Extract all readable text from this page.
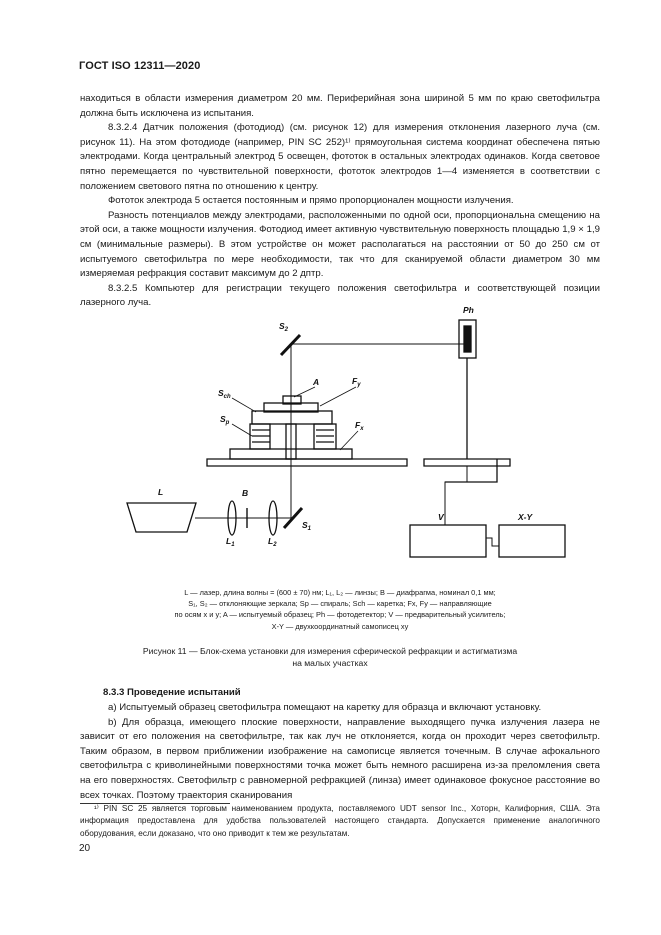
ГОСТ ISO 12311—2020

находиться в области измерения диаметром 20 мм. Периферийная зона шириной 5 мм по краю светофильтра должна быть исключена из испытания.

8.3.2.4 Датчик положения (фотодиод) (см. рисунок 12) для измерения отклонения лазерного луча (см. рисунок 11). На этом фотодиоде (например, PIN SC 252)¹⁾ прямоугольная система координат обеспечена пятью электродами. Когда центральный электрод 5 освещен, фототок в остальных электродах одинаков. Когда световое пятно перемещается по чувствительной поверхности, фототок электродов 1—4 изменяется в соответствии с положением светового пятна по отношению к центру.

Фототок электрода 5 остается постоянным и прямо пропорционален мощности излучения.

Разность потенциалов между электродами, расположенными по одной оси, пропорциональна смещению на этой оси, а также мощности излучения. Фотодиод имеет активную чувствительную поверхность площадью 1,9 × 1,9 см (минимальные размеры). В этом устройстве он может располагаться на расстоянии от 50 до 250 см от испытуемого светофильтра по мере необходимости, так что для сканируемой области диаметром 30 мм измеряемая рефракция составит максимум до 2 дптр.

8.3.2.5 Компьютер для регистрации текущего положения светофильтра и соответствующей позиции лазерного луча.

$S_2$
Ph
A	$F_y$
$F_x$
$S_{ch}$
$S_p$
L	B
$L_1$	$L_2$
$S_1$
V	X-Y

L — лазер, длина волны = (600 ± 70) нм; L₁, L₂ — линзы; B — диафрагма, номинал 0,1 мм;

S₁, S₂ — отклоняющие зеркала; Sp — спираль; Sch — каретка; Fx, Fy — направляющие

по осям x и y; A — испытуемый образец; Ph — фотодетектор; V — предварительный усилитель;

X-Y — двухкоординатный самописец xy

Рисунок 11 — Блок-схема установки для измерения сферической рефракции и астигматизма
на малых участках
8.3.3 Проведение испытаний

а) Испытуемый образец светофильтра помещают на каретку для образца и включают установку.

b) Для образца, имеющего плоские поверхности, направление выходящего пучка излучения лазера не зависит от его положения на светофильтре, так как луч не отклоняется, когда он проходит через светофильтр. Таким образом, в первом приближении изображение на самописце является точечным. В случае афокального светофильтра с криволинейными поверхностями точка может быть немного расширена из-за преломления света на его поверхностях. Светофильтр с равномерной рефракцией (линза) имеет одинаковое фокусное расстояние во всех точках. Поэтому траектория сканирования

¹⁾ PIN SC 25 является торговым наименованием продукта, поставляемого UDT sensor Inc., Хоторн, Калифорния, США. Эта информация предоставлена для удобства пользователей настоящего стандарта. Допускается применение аналогичного оборудования, если доказано, что оно приводит к тем же результатам.

20
